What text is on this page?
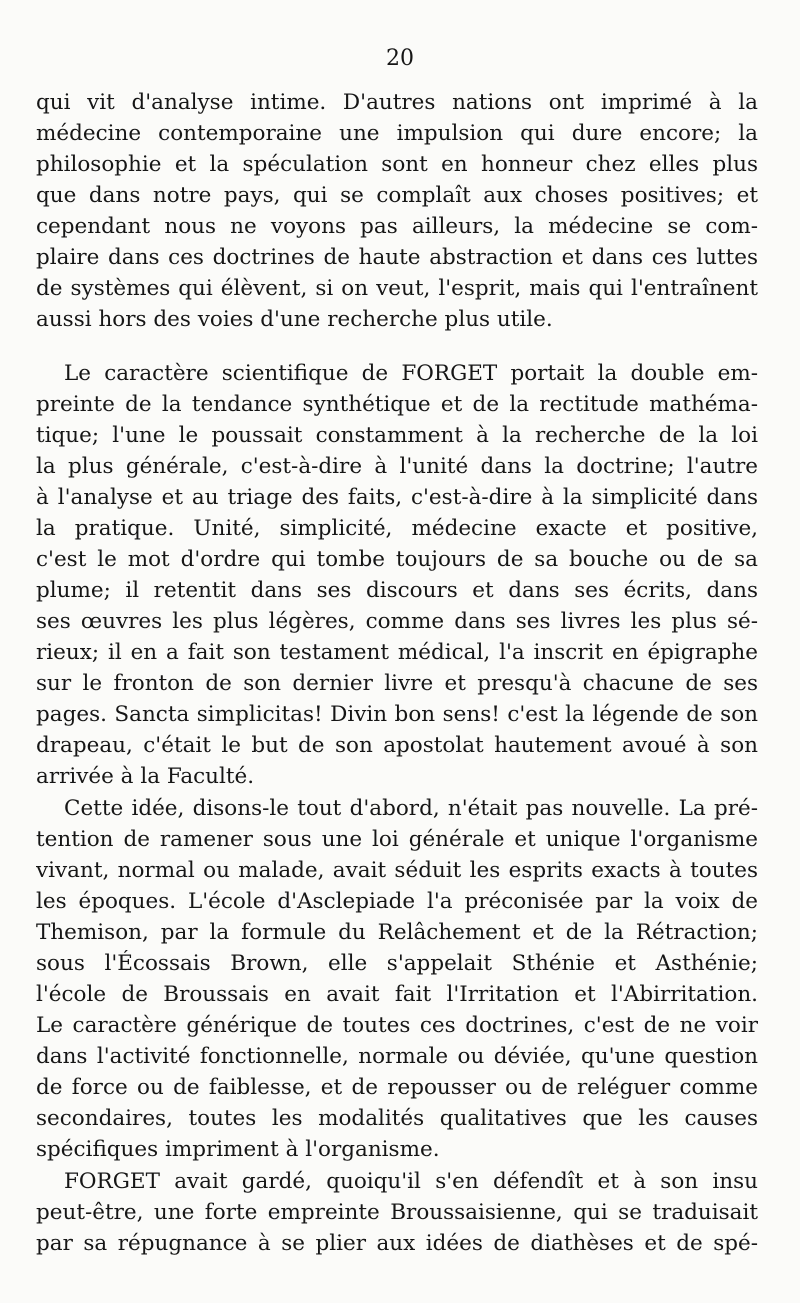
20
qui vit d'analyse intime. D'autres nations ont imprimé à la
médecine contemporaine une impulsion qui dure encore; la
philosophie et la spéculation sont en honneur chez elles plus
que dans notre pays, qui se complaît aux choses positives; et
cependant nous ne voyons pas ailleurs, la médecine se com-
plaire dans ces doctrines de haute abstraction et dans ces luttes
de systèmes qui élèvent, si on veut, l'esprit, mais qui l'entraînent
aussi hors des voies d'une recherche plus utile.
Le caractère scientifique de FORGET portait la double em-
preinte de la tendance synthétique et de la rectitude mathéma-
tique; l'une le poussait constamment à la recherche de la loi
la plus générale, c'est-à-dire à l'unité dans la doctrine; l'autre
à l'analyse et au triage des faits, c'est-à-dire à la simplicité dans
la pratique. Unité, simplicité, médecine exacte et positive,
c'est le mot d'ordre qui tombe toujours de sa bouche ou de sa
plume; il retentit dans ses discours et dans ses écrits, dans
ses œuvres les plus légères, comme dans ses livres les plus sé-
rieux; il en a fait son testament médical, l'a inscrit en épigraphe
sur le fronton de son dernier livre et presqu'à chacune de ses
pages. Sancta simplicitas! Divin bon sens! c'est la légende de son
drapeau, c'était le but de son apostolat hautement avoué à son
arrivée à la Faculté.
Cette idée, disons-le tout d'abord, n'était pas nouvelle. La pré-
tention de ramener sous une loi générale et unique l'organisme
vivant, normal ou malade, avait séduit les esprits exacts à toutes
les époques. L'école d'Asclepiade l'a préconisée par la voix de
Themison, par la formule du Relâchement et de la Rétraction;
sous l'Écossais Brown, elle s'appelait Sthénie et Asthénie;
l'école de Broussais en avait fait l'Irritation et l'Abirritation.
Le caractère générique de toutes ces doctrines, c'est de ne voir
dans l'activité fonctionnelle, normale ou déviée, qu'une question
de force ou de faiblesse, et de repousser ou de reléguer comme
secondaires, toutes les modalités qualitatives que les causes
spécifiques impriment à l'organisme.
FORGET avait gardé, quoiqu'il s'en défendît et à son insu
peut-être, une forte empreinte Broussaisienne, qui se traduisait
par sa répugnance à se plier aux idées de diathèses et de spé-
